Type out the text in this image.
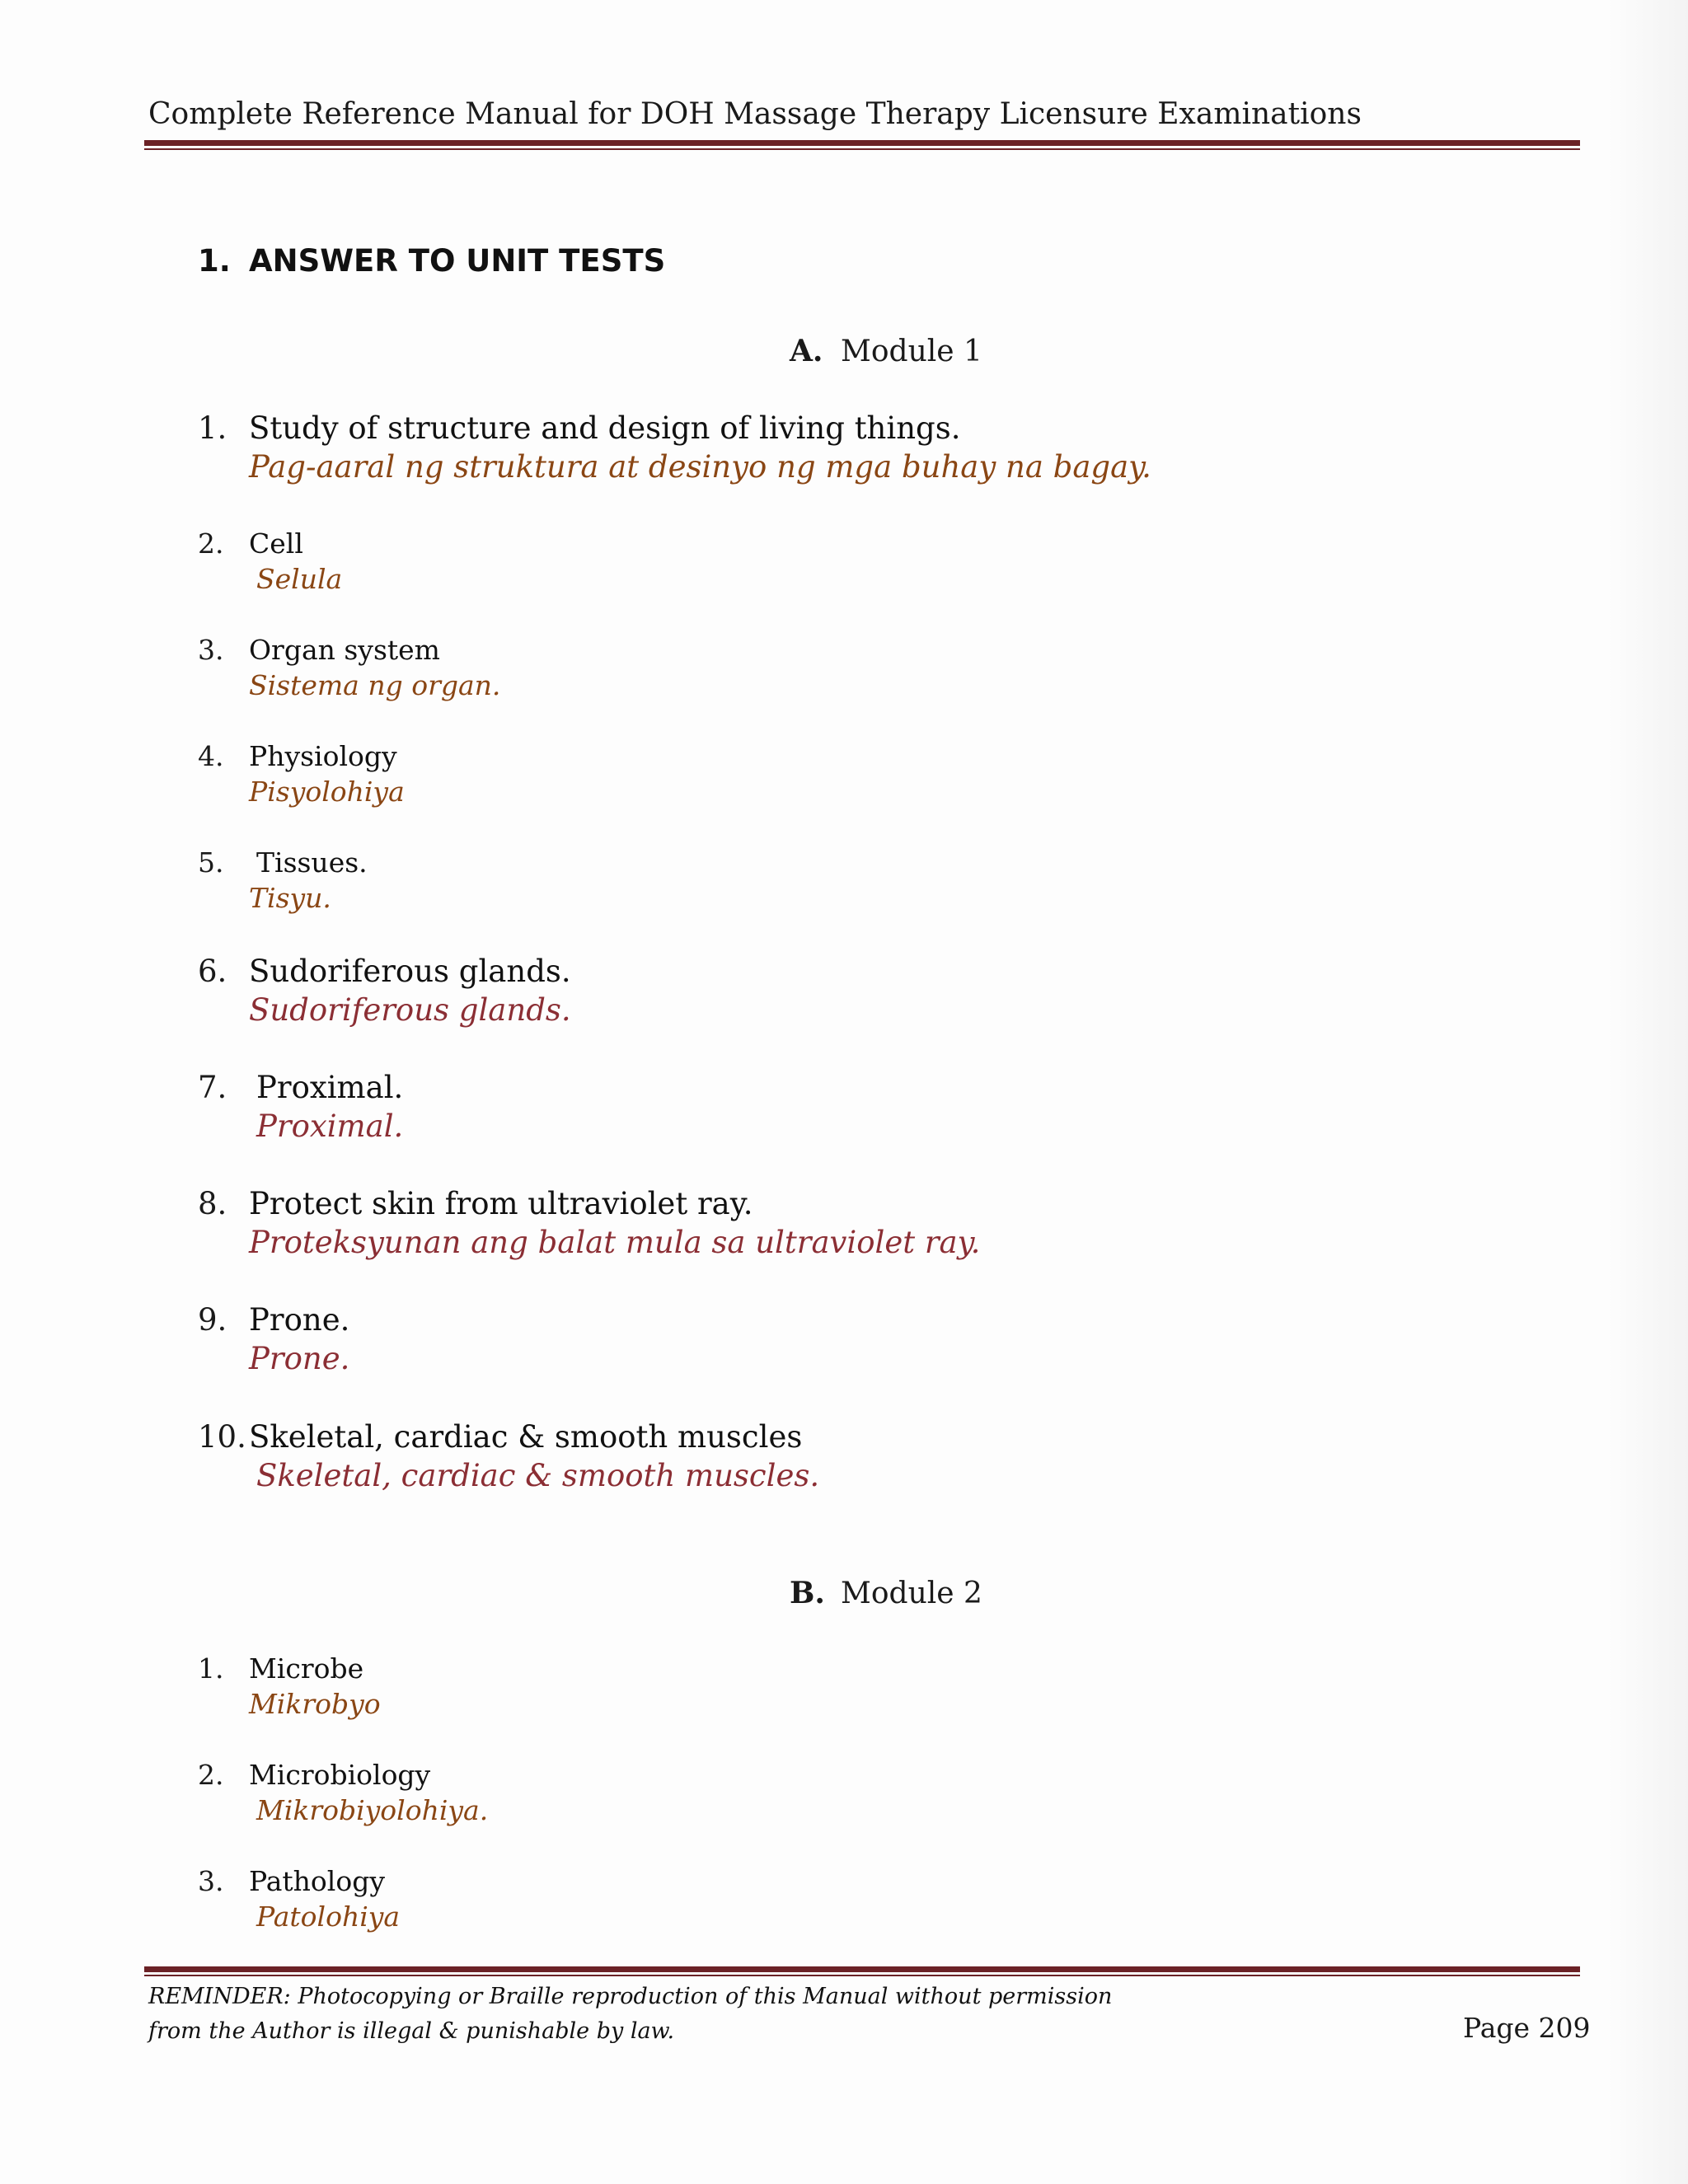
Complete Reference Manual for DOH Massage Therapy Licensure Examinations
1. ANSWER TO UNIT TESTS
A. Module 1
1. Study of structure and design of living things.
Pag-aaral ng struktura at desinyo ng mga buhay na bagay.
2. Cell
Selula
3. Organ system
Sistema ng organ.
4. Physiology
Pisyolohiya
5. Tissues.
Tisyu.
6. Sudoriferous glands.
Sudoriferous glands.
7. Proximal.
Proximal.
8. Protect skin from ultraviolet ray.
Proteksyunan ang balat mula sa ultraviolet ray.
9. Prone.
Prone.
10. Skeletal, cardiac & smooth muscles
Skeletal, cardiac & smooth muscles.
B. Module 2
1. Microbe
Mikrobyo
2. Microbiology
Mikrobiyolohiya.
3. Pathology
Patolohiya
REMINDER: Photocopying or Braille reproduction of this Manual without permission
from the Author is illegal & punishable by law.	Page 209
